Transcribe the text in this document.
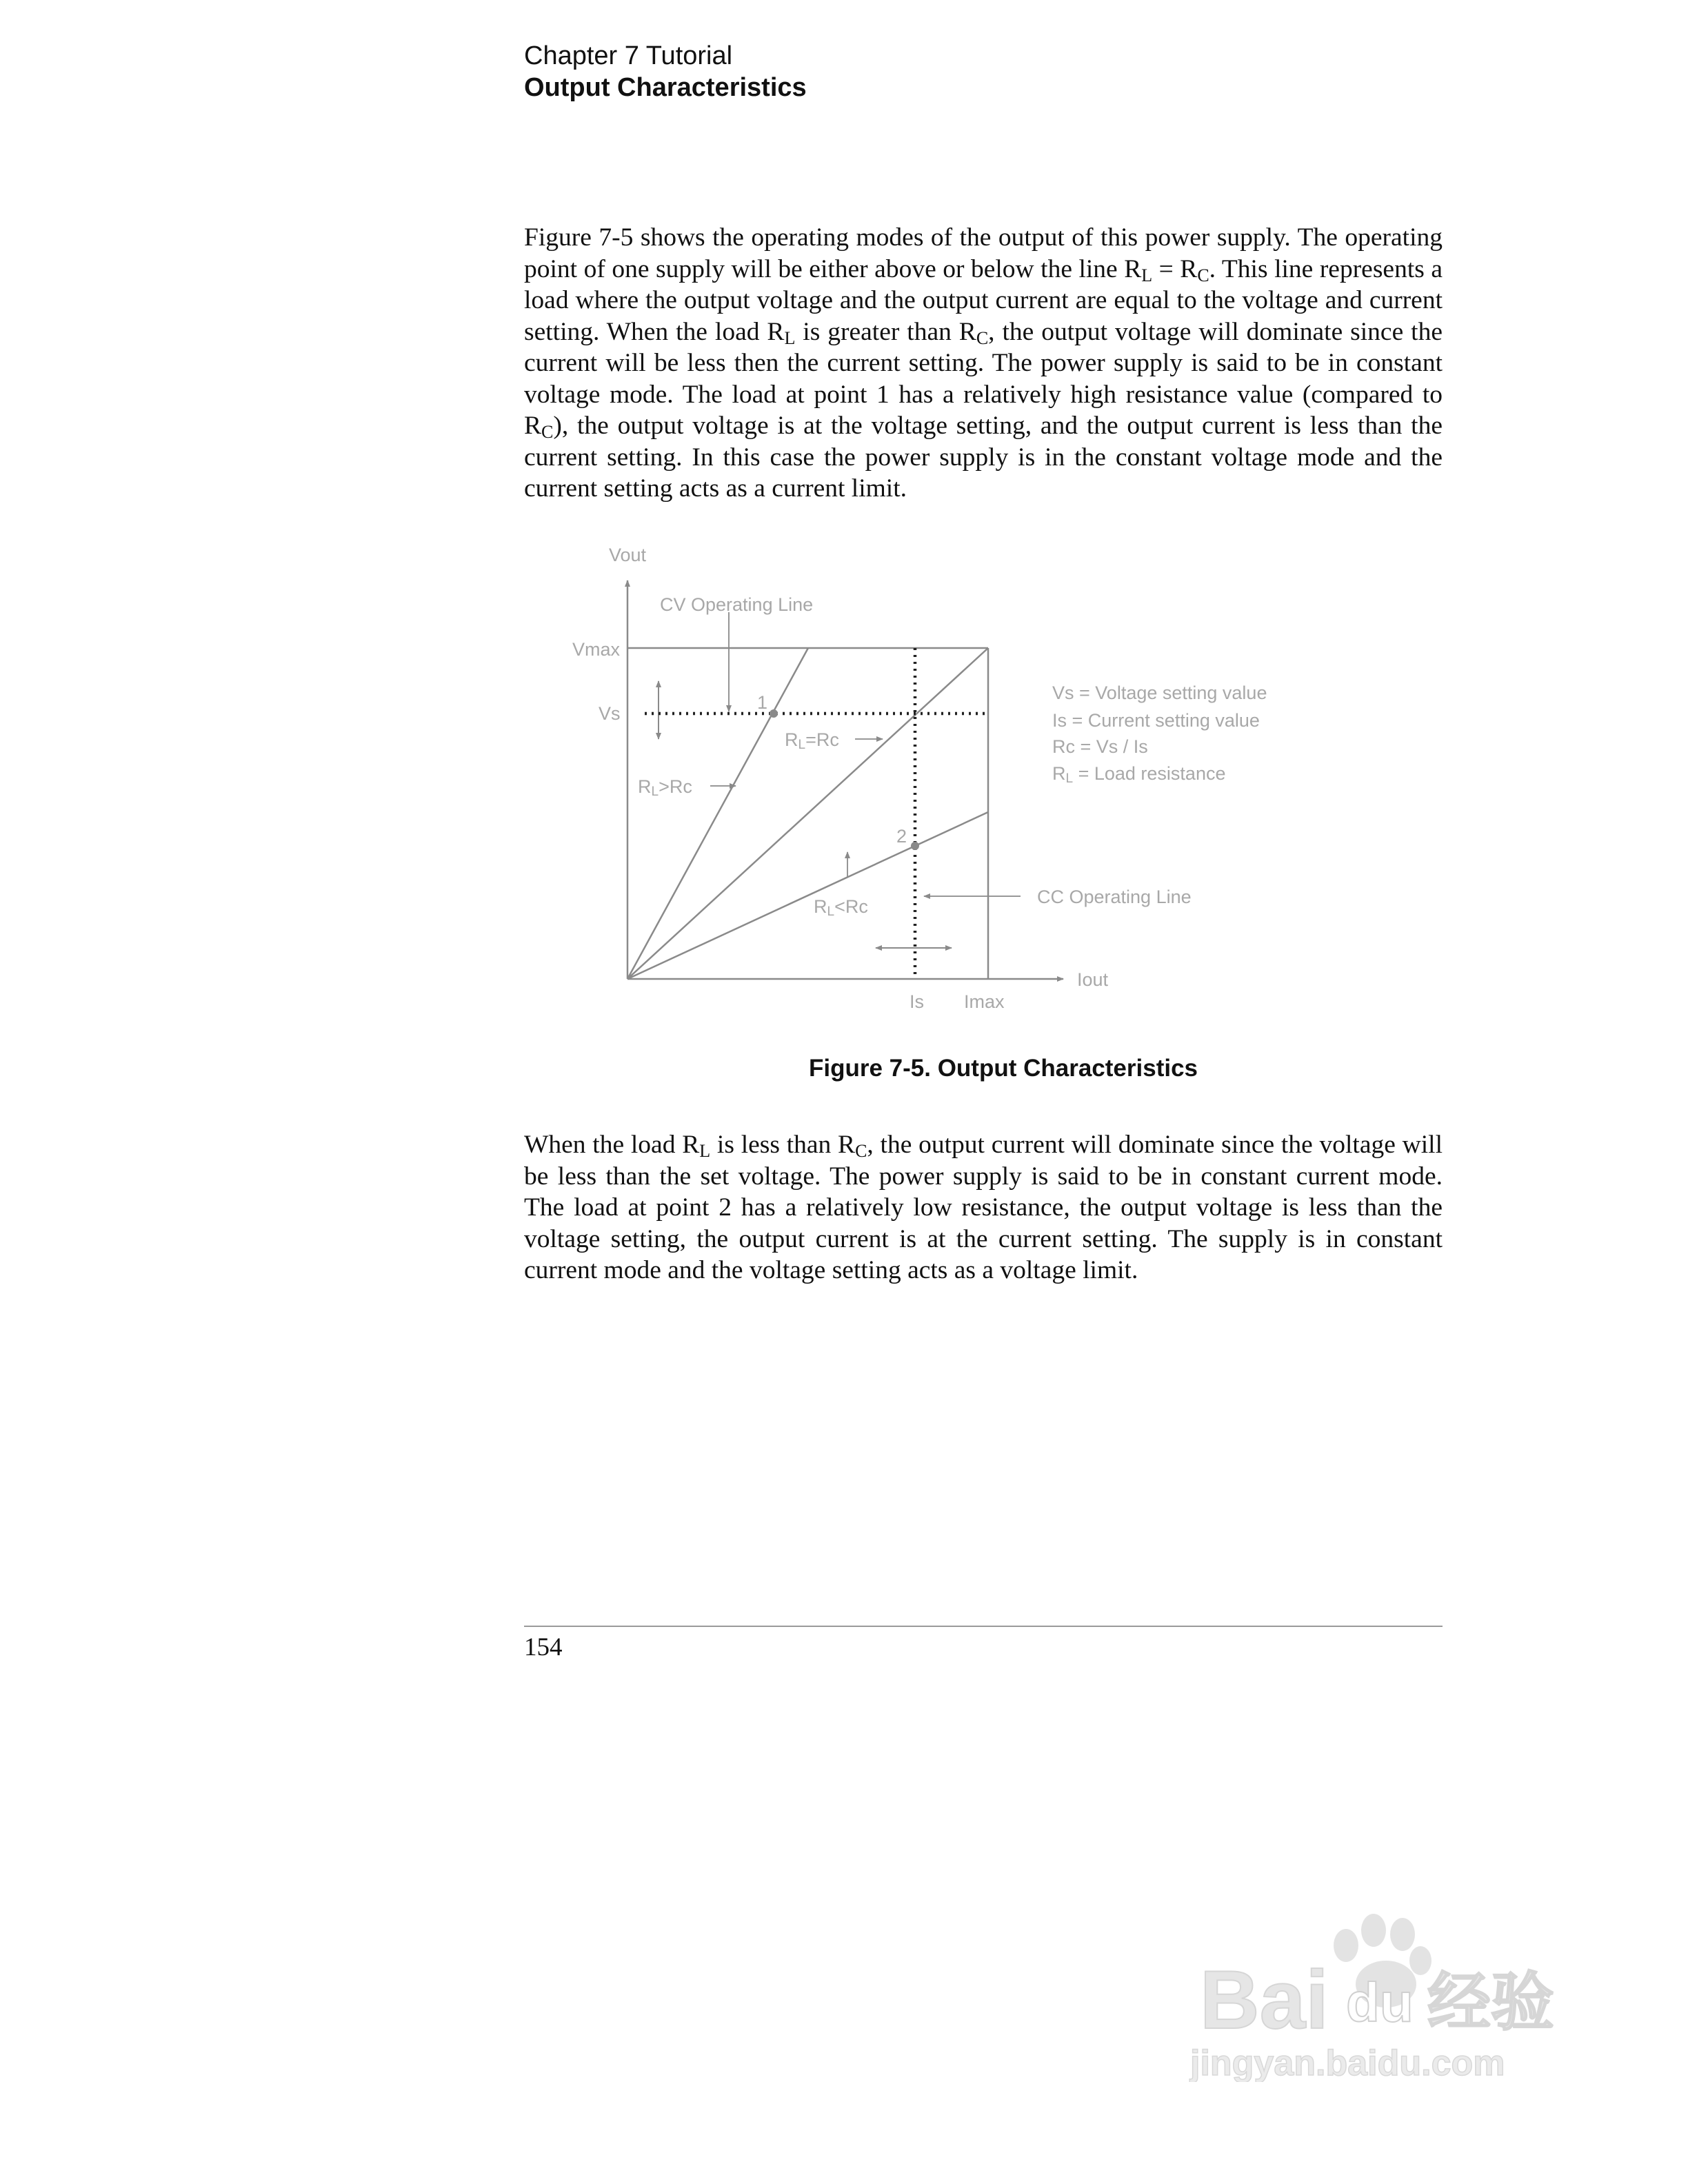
Chapter 7 Tutorial
Output Characteristics
Figure 7-5 shows the operating modes of the output of this power supply. The operating point of one supply will be either above or below the line $R_L = R_C$. This line represents a load where the output voltage and the output current are equal to the voltage and current setting. When the load $R_L$ is greater than $R_C$, the output voltage will dominate since the current will be less then the current setting. The power supply is said to be in constant voltage mode. The load at point 1 has a relatively high resistance value (compared to $R_C$), the output voltage is at the voltage setting, and the output current is less than the current setting. In this case the power supply is in the constant voltage mode and the current setting acts as a current limit.
Vout
Iout
Vmax
Vs
Is Imax
CV Operating Line
CC Operating Line
1
2
RL=Rc
RL>Rc
RL<Rc
Vs = Voltage setting value
Is = Current setting value
Rc = Vs / Is
RL = Load resistance
Figure 7-5. Output Characteristics
When the load $R_L$ is less than $R_C$, the output current will dominate since the voltage will be less than the set voltage. The power supply is said to be in constant current mode. The load at point 2 has a relatively low resistance, the output voltage is less than the voltage setting, the output current is at the current setting. The supply is in constant current mode and the voltage setting acts as a voltage limit.
154
Bai du 经验
jingyan.baidu.com
